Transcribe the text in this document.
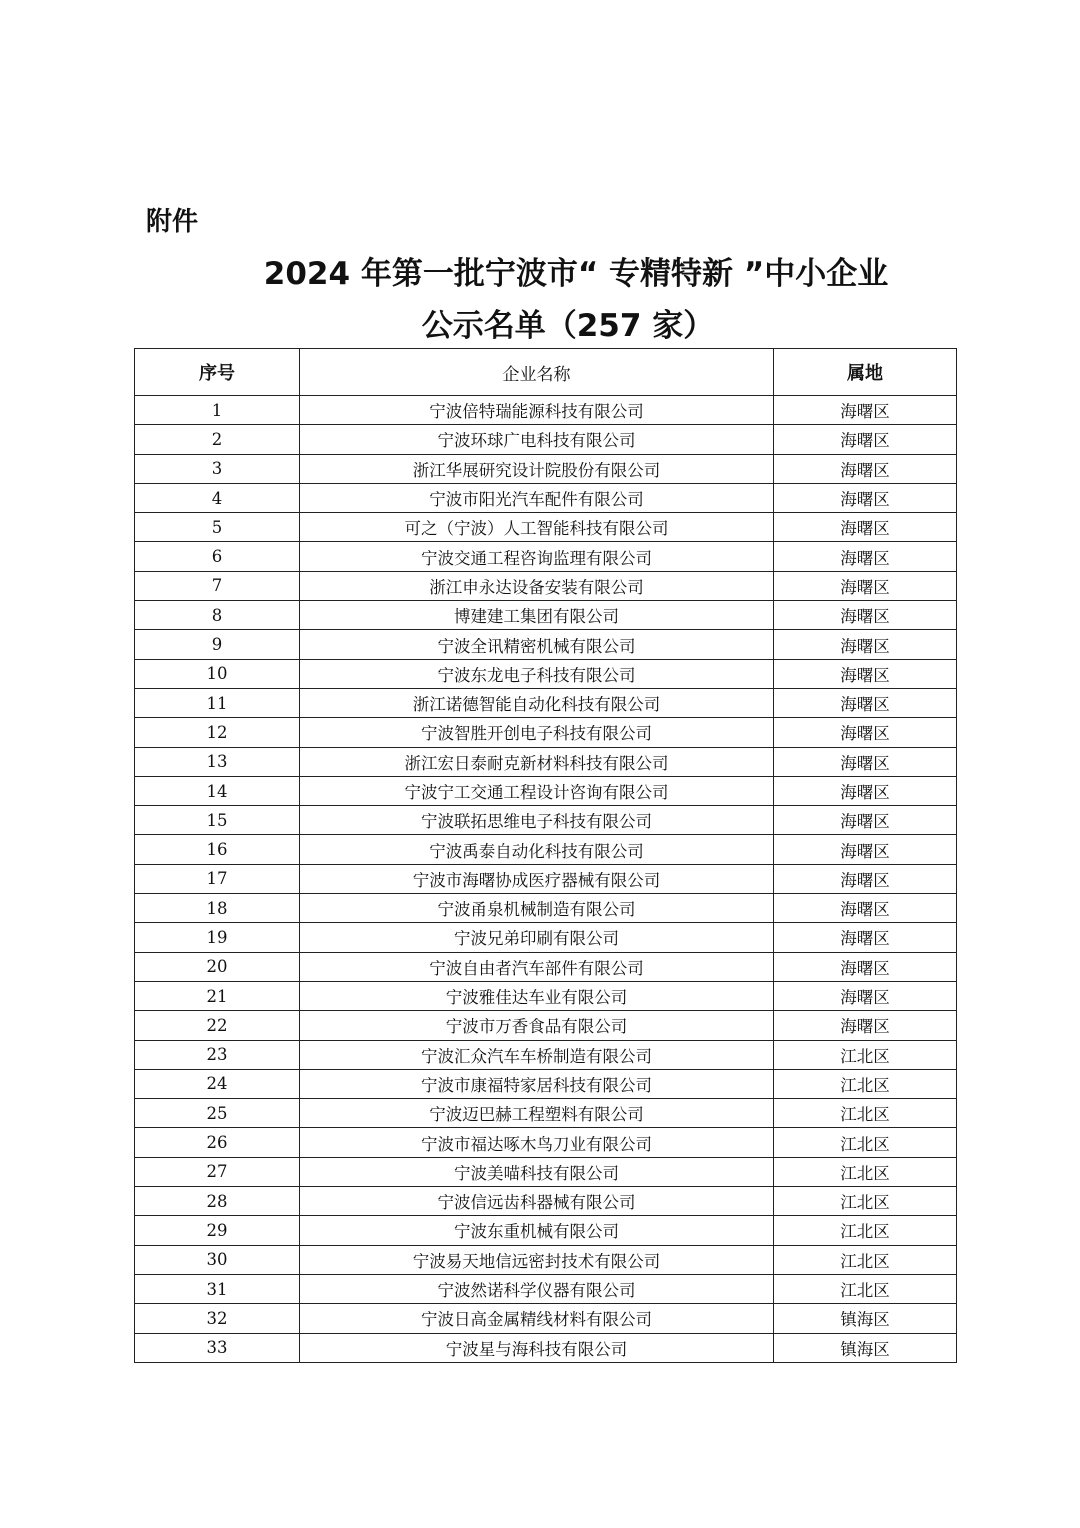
附件
2024 年第一批宁波市“ 专精特新 ”中小企业
公示名单（257 家）
序号	企业名称	属地
1	宁波倍特瑞能源科技有限公司	海曙区
2	宁波环球广电科技有限公司	海曙区
3	浙江华展研究设计院股份有限公司	海曙区
4	宁波市阳光汽车配件有限公司	海曙区
5	可之（宁波）人工智能科技有限公司	海曙区
6	宁波交通工程咨询监理有限公司	海曙区
7	浙江申永达设备安装有限公司	海曙区
8	博建建工集团有限公司	海曙区
9	宁波全讯精密机械有限公司	海曙区
10	宁波东龙电子科技有限公司	海曙区
11	浙江诺德智能自动化科技有限公司	海曙区
12	宁波智胜开创电子科技有限公司	海曙区
13	浙江宏日泰耐克新材料科技有限公司	海曙区
14	宁波宁工交通工程设计咨询有限公司	海曙区
15	宁波联拓思维电子科技有限公司	海曙区
16	宁波禹泰自动化科技有限公司	海曙区
17	宁波市海曙协成医疗器械有限公司	海曙区
18	宁波甬泉机械制造有限公司	海曙区
19	宁波兄弟印刷有限公司	海曙区
20	宁波自由者汽车部件有限公司	海曙区
21	宁波雅佳达车业有限公司	海曙区
22	宁波市万香食品有限公司	海曙区
23	宁波汇众汽车车桥制造有限公司	江北区
24	宁波市康福特家居科技有限公司	江北区
25	宁波迈巴赫工程塑料有限公司	江北区
26	宁波市福达啄木鸟刀业有限公司	江北区
27	宁波美喵科技有限公司	江北区
28	宁波信远齿科器械有限公司	江北区
29	宁波东重机械有限公司	江北区
30	宁波易天地信远密封技术有限公司	江北区
31	宁波然诺科学仪器有限公司	江北区
32	宁波日高金属精线材料有限公司	镇海区
33	宁波星与海科技有限公司	镇海区
